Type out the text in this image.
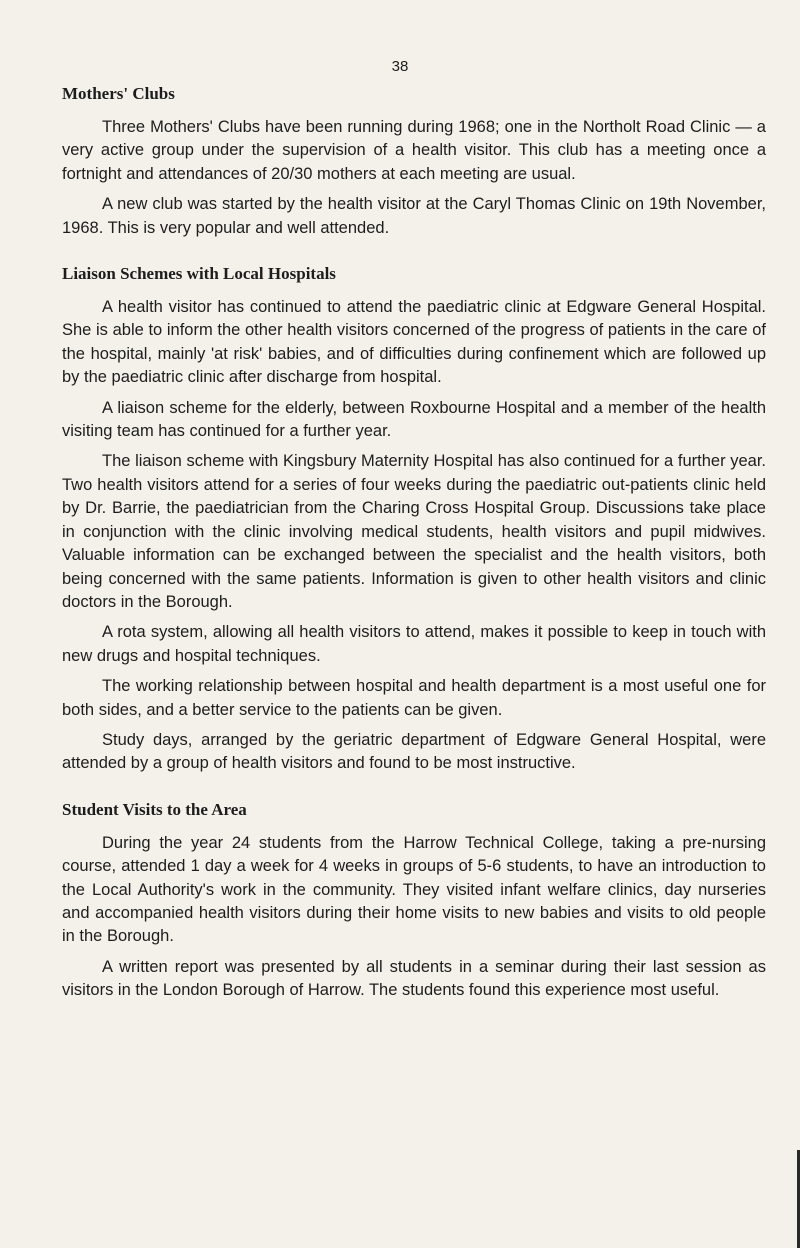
38
Mothers' Clubs

Three Mothers' Clubs have been running during 1968; one in the Northolt Road Clinic — a very active group under the supervision of a health visitor. This club has a meeting once a fortnight and attendances of 20/30 mothers at each meeting are usual.

A new club was started by the health visitor at the Caryl Thomas Clinic on 19th November, 1968. This is very popular and well attended.

Liaison Schemes with Local Hospitals

A health visitor has continued to attend the paediatric clinic at Edgware General Hospital. She is able to inform the other health visitors concerned of the progress of patients in the care of the hospital, mainly 'at risk' babies, and of difficulties during confinement which are followed up by the paediatric clinic after discharge from hospital.

A liaison scheme for the elderly, between Roxbourne Hospital and a member of the health visiting team has continued for a further year.

The liaison scheme with Kingsbury Maternity Hospital has also continued for a further year. Two health visitors attend for a series of four weeks during the paediatric out-patients clinic held by Dr. Barrie, the paediatrician from the Charing Cross Hospital Group. Discussions take place in conjunction with the clinic involving medical students, health visitors and pupil midwives. Valuable information can be exchanged between the specialist and the health visitors, both being concerned with the same patients. Information is given to other health visitors and clinic doctors in the Borough.

A rota system, allowing all health visitors to attend, makes it possible to keep in touch with new drugs and hospital techniques.

The working relationship between hospital and health department is a most useful one for both sides, and a better service to the patients can be given.

Study days, arranged by the geriatric department of Edgware General Hospital, were attended by a group of health visitors and found to be most instructive.

Student Visits to the Area

During the year 24 students from the Harrow Technical College, taking a pre-nursing course, attended 1 day a week for 4 weeks in groups of 5-6 students, to have an introduction to the Local Authority's work in the community. They visited infant welfare clinics, day nurseries and accompanied health visitors during their home visits to new babies and visits to old people in the Borough.

A written report was presented by all students in a seminar during their last session as visitors in the London Borough of Harrow. The students found this experience most useful.
